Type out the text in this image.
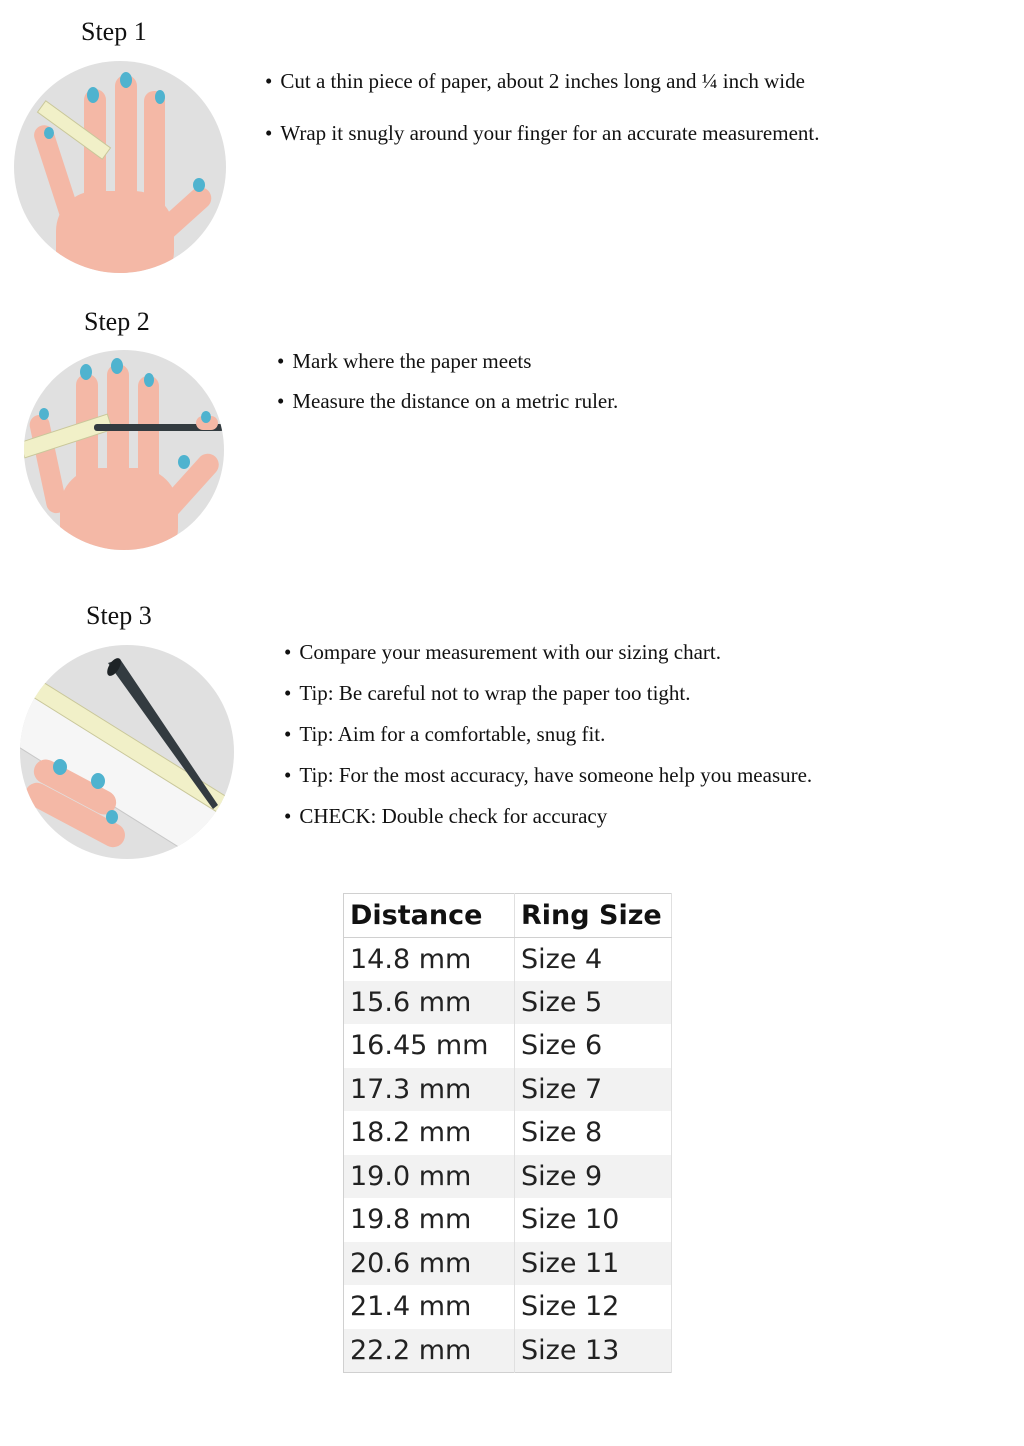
Step 1
• Cut a thin piece of paper, about 2 inches long and ¼ inch wide
• Wrap it snugly around your finger for an accurate measurement.
Step 2
• Mark where the paper meets
• Measure the distance on a metric ruler.
Step 3
• Compare your measurement with our sizing chart.
• Tip: Be careful not to wrap the paper too tight.
• Tip: Aim for a comfortable, snug fit.
• Tip: For the most accuracy, have someone help you measure.
• CHECK: Double check for accuracy
Distance	Ring Size
14.8 mm	Size 4
15.6 mm	Size 5
16.45 mm	Size 6
17.3 mm	Size 7
18.2 mm	Size 8
19.0 mm	Size 9
19.8 mm	Size 10
20.6 mm	Size 11
21.4 mm	Size 12
22.2 mm	Size 13
